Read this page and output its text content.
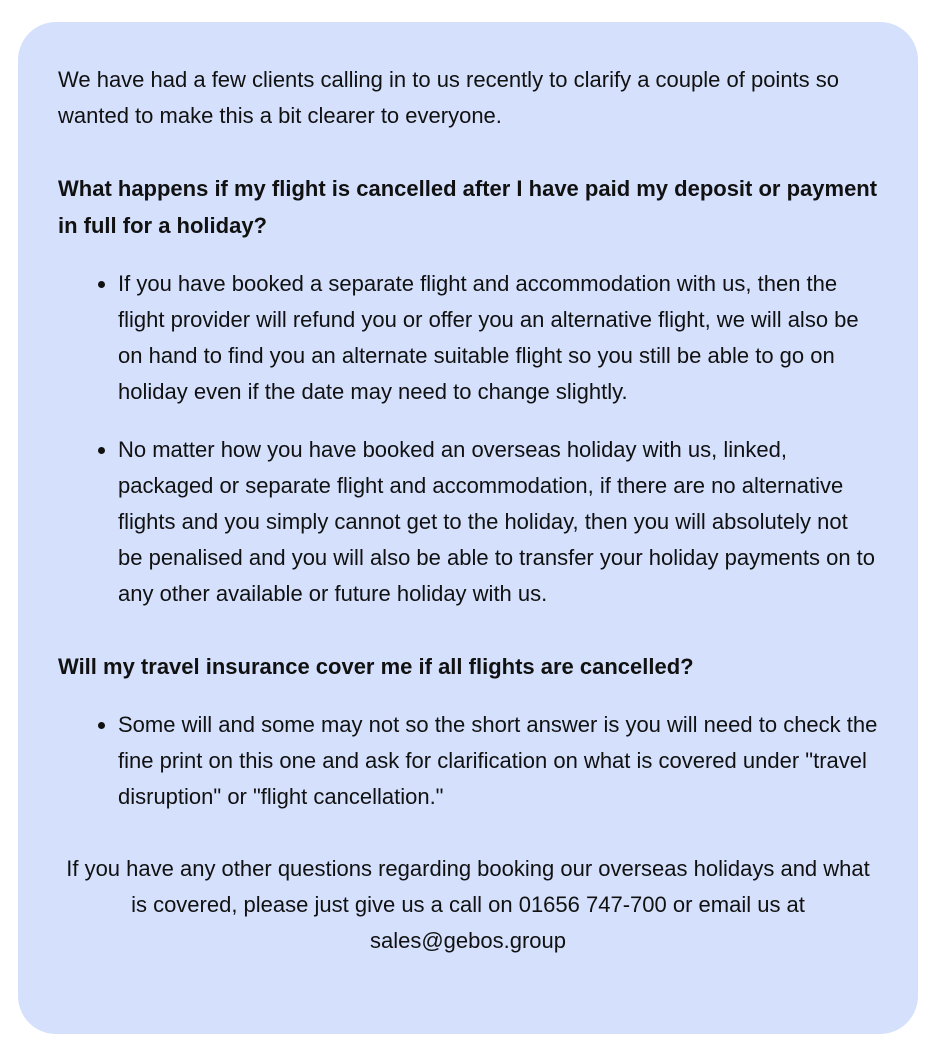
We have had a few clients calling in to us recently to clarify a couple of points so wanted to make this a bit clearer to everyone.

What happens if my flight is cancelled after I have paid my deposit or payment in full for a holiday?
• If you have booked a separate flight and accommodation with us, then the flight provider will refund you or offer you an alternative flight, we will also be on hand to find you an alternate suitable flight so you still be able to go on holiday even if the date may need to change slightly.
• No matter how you have booked an overseas holiday with us, linked, packaged or separate flight and accommodation, if there are no alternative flights and you simply cannot get to the holiday, then you will absolutely not be penalised and you will also be able to transfer your holiday payments on to any other available or future holiday with us.
Will my travel insurance cover me if all flights are cancelled?
• Some will and some may not so the short answer is you will need to check the fine print on this one and ask for clarification on what is covered under "travel disruption" or "flight cancellation."

If you have any other questions regarding booking our overseas holidays and what is covered, please just give us a call on 01656 747-700 or email us at sales@gebos.group
